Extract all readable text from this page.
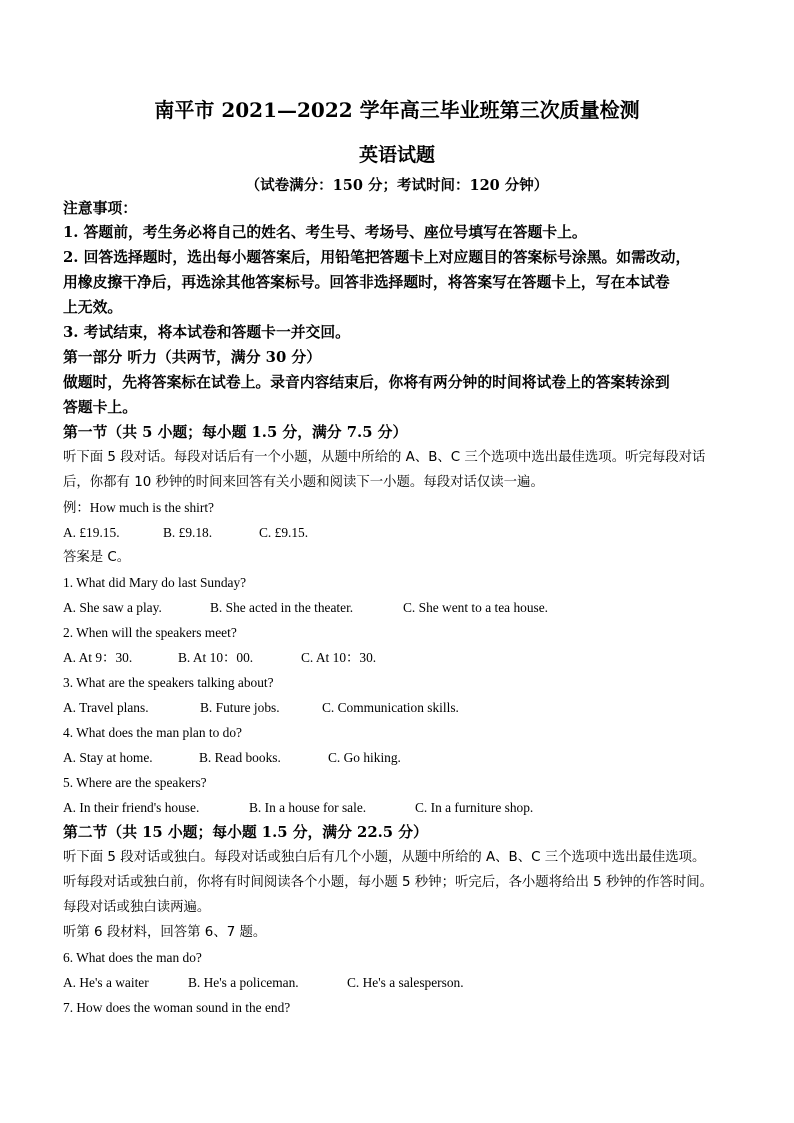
南平市 2021—2022 学年高三毕业班第三次质量检测
英语试题
（试卷满分：150 分；考试时间：120 分钟）
注意事项：
1. 答题前，考生务必将自己的姓名、考生号、考场号、座位号填写在答题卡上。
2. 回答选择题时，选出每小题答案后，用铅笔把答题卡上对应题目的答案标号涂黑。如需改动，
用橡皮擦干净后，再选涂其他答案标号。回答非选择题时，将答案写在答题卡上，写在本试卷
上无效。
3. 考试结束，将本试卷和答题卡一并交回。
第一部分 听力（共两节，满分 30 分）
做题时，先将答案标在试卷上。录音内容结束后，你将有两分钟的时间将试卷上的答案转涂到
答题卡上。
第一节（共 5 小题；每小题 1.5 分，满分 7.5 分）
听下面 5 段对话。每段对话后有一个小题，从题中所给的 A、B、C 三个选项中选出最佳选项。听完每段对话
后，你都有 10 秒钟的时间来回答有关小题和阅读下一小题。每段对话仅读一遍。
例：How much is the shirt?
A. £19.15.	B. £9.18.	C. £9.15.
答案是 C。
1. What did Mary do last Sunday?
A. She saw a play.	B. She acted in the theater.	C. She went to a tea house.
2. When will the speakers meet?
A. At 9：30.	B. At 10：00.	C. At 10：30.
3. What are the speakers talking about?
A. Travel plans.	B. Future jobs.	C. Communication skills.
4. What does the man plan to do?
A. Stay at home.	B. Read books.	C. Go hiking.
5. Where are the speakers?
A. In their friend's house.	B. In a house for sale.	C. In a furniture shop.
第二节（共 15 小题；每小题 1.5 分，满分 22.5 分）
听下面 5 段对话或独白。每段对话或独白后有几个小题，从题中所给的 A、B、C 三个选项中选出最佳选项。
听每段对话或独白前，你将有时间阅读各个小题，每小题 5 秒钟；听完后，各小题将给出 5 秒钟的作答时间。
每段对话或独白读两遍。
听第 6 段材料，回答第 6、7 题。
6. What does the man do?
A. He's a waiter	B. He's a policeman.	C. He's a salesperson.
7. How does the woman sound in the end?
